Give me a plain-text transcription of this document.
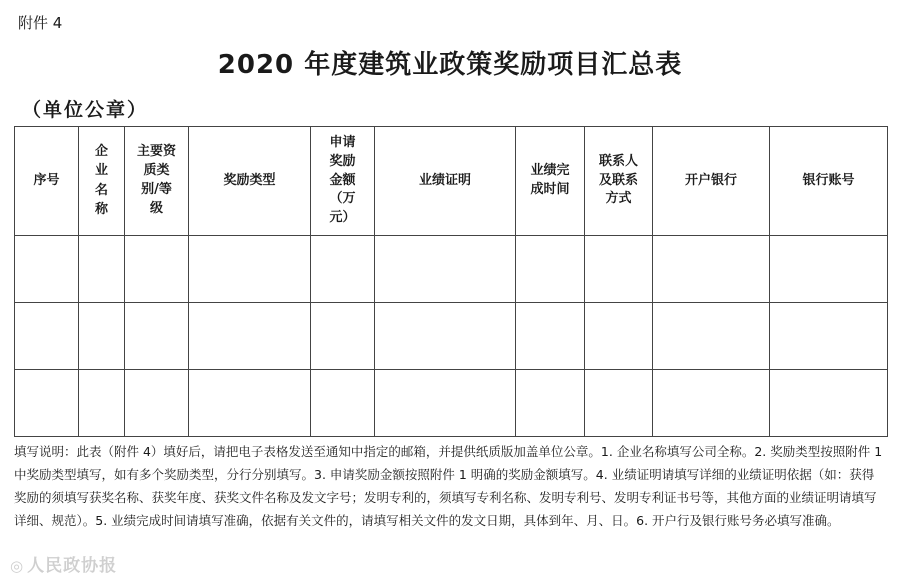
附件 4
2020 年度建筑业政策奖励项目汇总表
（单位公章）
序号	企业名称	主要资质类别/等级	奖励类型	申请奖励金额（万元）	业绩证明	业绩完成时间	联系人及联系方式	开户银行	银行账号

填写说明：此表（附件 4）填好后，请把电子表格发送至通知中指定的邮箱，并提供纸质版加盖单位公章。1. 企业名称填写公司全称。2. 奖励类型按照附件 1 中奖励类型填写，如有多个奖励类型，分行分别填写。3. 申请奖励金额按照附件 1 明确的奖励金额填写。4. 业绩证明请填写详细的业绩证明依据（如：获得奖励的须填写获奖名称、获奖年度、获奖文件名称及发文字号；发明专利的，须填写专利名称、发明专利号、发明专利证书号等，其他方面的业绩证明请填写详细、规范）。5. 业绩完成时间请填写准确，依据有关文件的，请填写相关文件的发文日期，具体到年、月、日。6. 开户行及银行账号务必填写准确。
◎ 人民政协报
